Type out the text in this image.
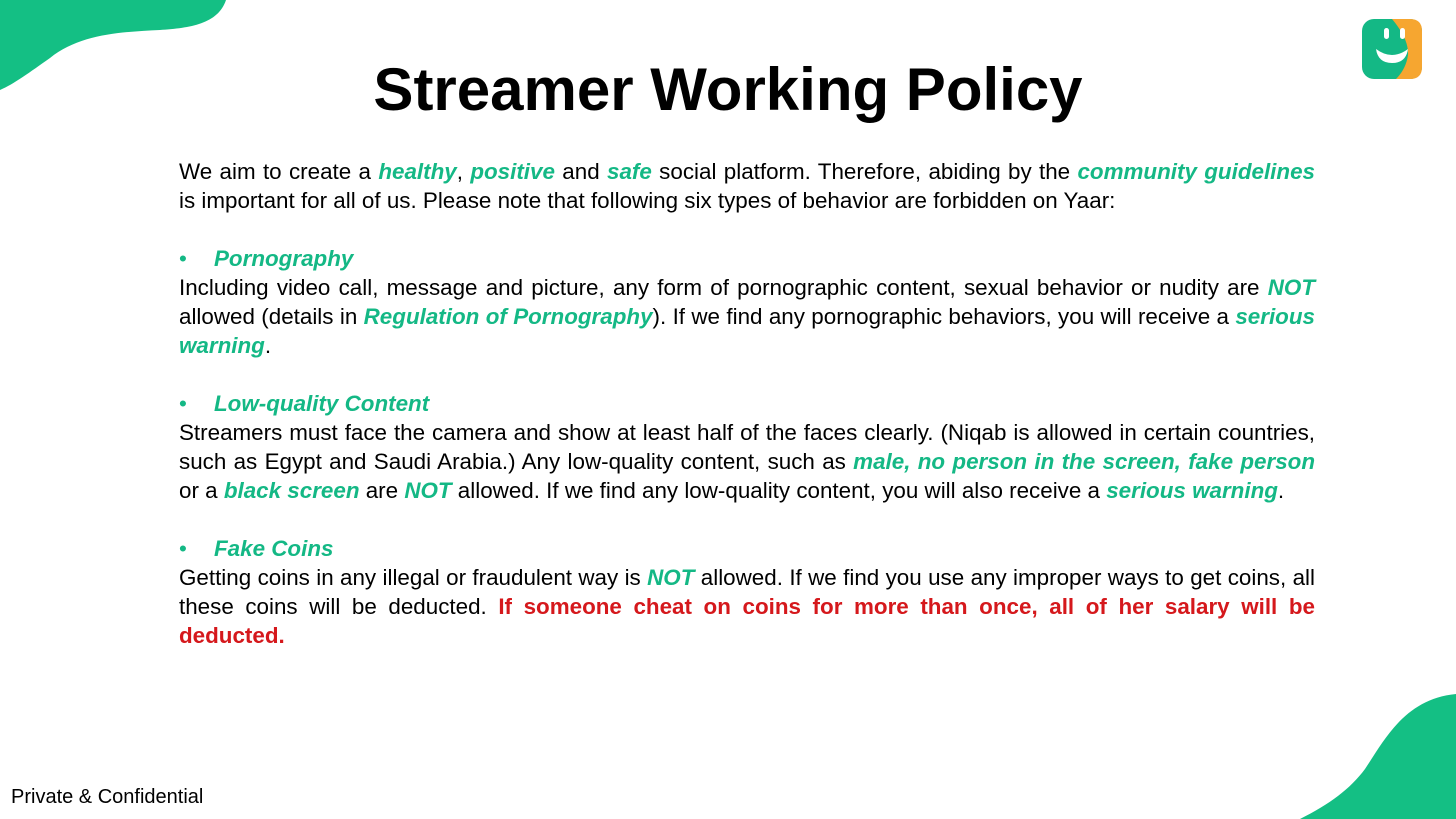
Streamer Working Policy

We aim to create a healthy, positive and safe social platform. Therefore, abiding by the community guidelines is important for all of us. Please note that following six types of behavior are forbidden on Yaar:

•	Pornography

Including video call, message and picture, any form of pornographic content, sexual behavior or nudity are NOT allowed (details in Regulation of Pornography). If we find any pornographic behaviors, you will receive a serious warning.

•	Low-quality Content

Streamers must face the camera and show at least half of the faces clearly. (Niqab is allowed in certain countries, such as Egypt and Saudi Arabia.) Any low-quality content, such as male, no person in the screen, fake person or a black screen are NOT allowed. If we find any low-quality content, you will also receive a serious warning.

•	Fake Coins

Getting coins in any illegal or fraudulent way is NOT allowed. If we find you use any improper ways to get coins, all these coins will be deducted. If someone cheat on coins for more than once, all of her salary will be deducted.

Private & Confidential
